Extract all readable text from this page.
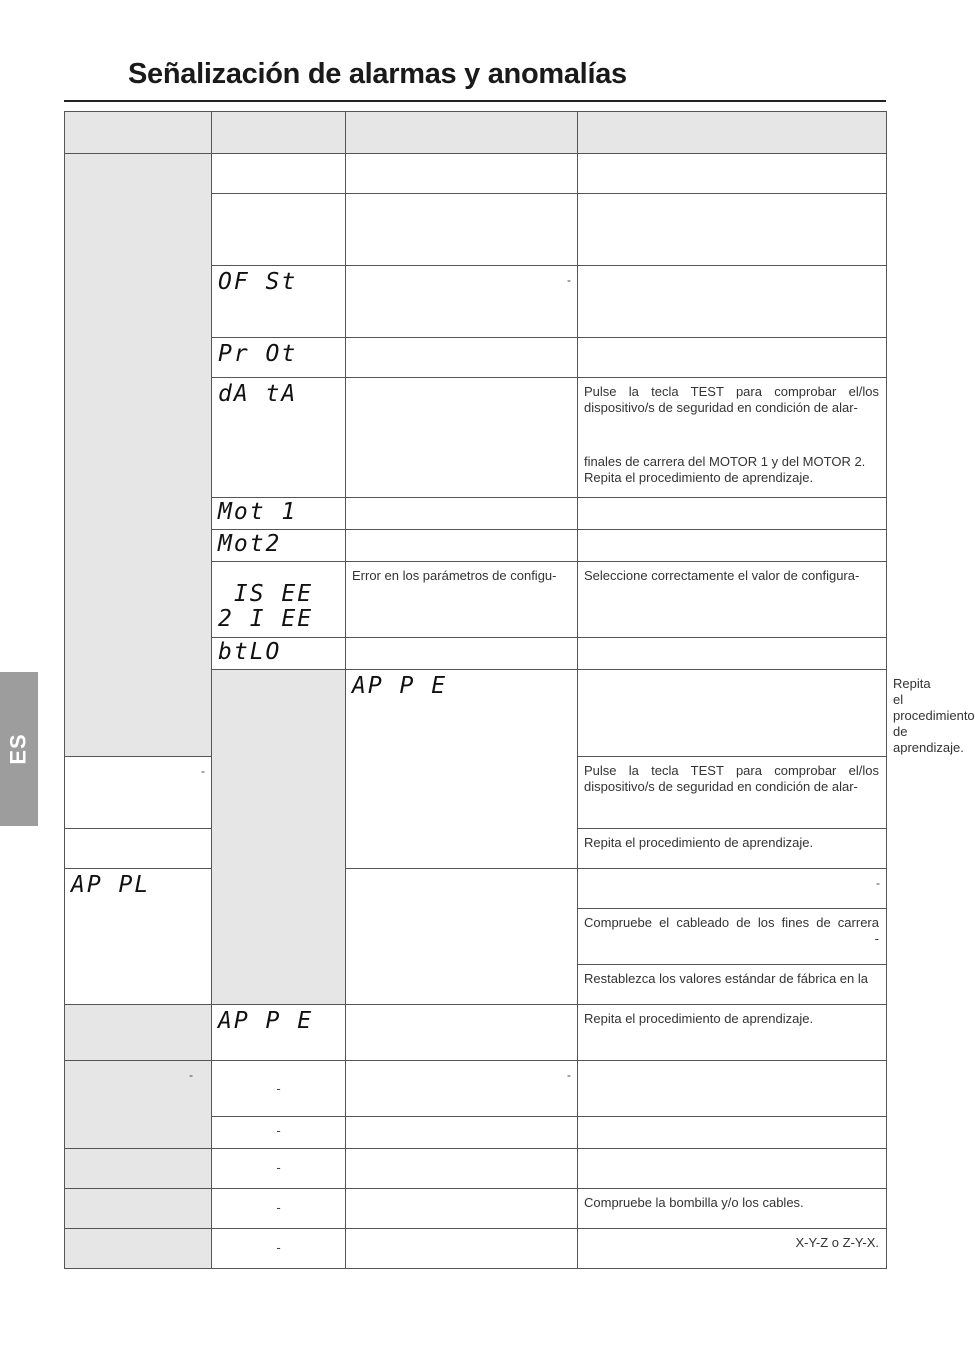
Señalización de alarmas y anomalías

	OF St	-		

	Pr Ot			

	dA tA		Pulse la tecla TEST para comprobar el/los
dispositivo/s de seguridad en condición de alar-
finales de carrera del MOTOR 1 y del MOTOR 2.
Repita el procedimiento de aprendizaje.	

	Mot 1			

	Mot2			

	IS EE
2 I EE	Error en los parámetros de configu-	Seleccione correctamente el valor de configura-	

	btLO			

		AP P E		Repita el procedimiento de aprendizaje.

-			Pulse la tecla TEST para comprobar el/los
dispositivo/s de seguridad en condición de alar-	

			Repita el procedimiento de aprendizaje.	

AP PL			-	

			Compruebe el cableado de los fines de carrera
-	

			Restablezca los valores estándar de fábrica en la	

	AP P E		Repita el procedimiento de aprendizaje.	

-	-	-		

	-			

	-			

	-		Compruebe la bombilla y/o los cables.	

	-		X-Y-Z o Z-Y-X.	
ES
